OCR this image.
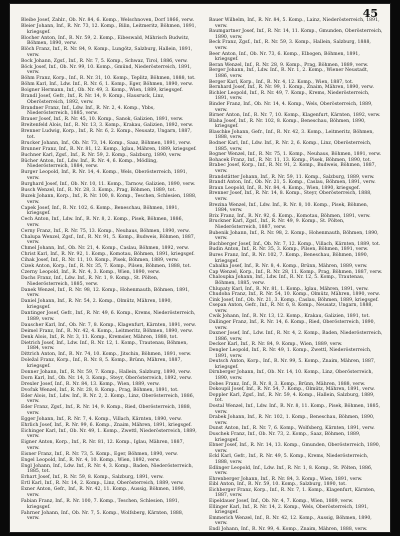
45
Bleibe Josef, Zahlr., Ob. Nr. 84, 6. Komp., Welschnoven, Dorf 1866, verw.
Bleier Johann, Inf., R. Nr. 73, 12. Komp., Bilin, Leitmeritz, Böhmen, 1891, kriegsgef.
Blocher Anton, Inf., R. Nr. 59, 2. Komp., Eibeswald, Mährisch Budwitz, Böhmen, 1890, verw.
Blöch Franz, Inf., R. Nr. 84, 9. Komp., Lungötz, Salzburg, Hallein, 1891, verw.
Bock Johann, Zgsf., Inf., R. Nr. 7, 5. Komp., Schwaz, Tirol, 1886, verw.
Böck Josef, Inf., Ob. Nr. 99, 10. Komp., Gmünd, Niederösterreich, 1891, verw.
Böhm Franz, Korp., Inf., R. Nr. 31, 10. Komp., Teplitz, Böhmen, 1888, tot.
Böhm Karl, Inf., Ldw. Inf., R. Nr. 6, 1. Komp., Eger, Böhmen, 1890, verw.
Boigner Hermann, Inf., Ob. Nr. 49, 3. Komp., Wien, 1889, kriegsgef.
Brandl Josef, Gefr., Inf., R. Nr. 14, 9. Komp., Hausruck, Linz, Oberösterreich, 1892, verw.
Brandner Franz, Inf., Ldw. Inf., R. Nr. 2, 4. Komp., Ybbs, Niederösterreich, 1885, verw.
Brauer Josef, Inf., R. Nr. 45, 10. Komp., Sanok, Galizien, 1891, verw.
Breitenfeld Alois, Inf., R. Nr. 13, 3. Komp., Krakau, Galizien, 1892, verw.
Brenner Ludwig, Korp., Inf., R. Nr. 6, 2. Komp., Neusatz, Ungarn, 1887, tot.
Brucker Johann, Inf., Ob. Nr. 73, 14. Komp., Saaz, Böhmen, 1891, verw.
Brunner Franz, Inf., R. Nr. 81, 12. Komp., Iglau, Mähren, 1889, kriegsgef.
Buchner Karl, Zgsf., Inf., R. Nr. 59, 2. Komp., Salzburg, 1890, verw.
Bücher Anton, Inf., Ldw. Inf., R. Nr. 4, 6. Komp., Mödling, Niederösterreich, 1884, verw.
Burger Leopold, Inf., R. Nr. 14, 4. Komp., Wels, Oberösterreich, 1891, verw.
Burghard Josef, Inf., Ob. Nr. 10, 11. Komp., Tarnow, Galizien, 1890, verw.
Busch Wenzel, Inf., R. Nr. 28, 3. Komp., Prag, Böhmen, 1889, tot.
Buzek Johann, Korp., Inf., R. Nr. 100, 8. Komp., Teschen, Schlesien, 1888, verw.
Capek Josef, Inf., R. Nr. 102, 6. Komp., Beneschau, Böhmen, 1891, kriegsgef.
Cech Anton, Inf., Ldw. Inf., R. Nr. 8, 2. Komp., Pisek, Böhmen, 1886, verw.
Cerny Franz, Inf., R. Nr. 75, 13. Komp., Neuhaus, Böhmen, 1890, verw.
Chalupa Wenzel, Zgsf., Inf., R. Nr. 91, 5. Komp., Budweis, Böhmen, 1887, verw.
Chmel Johann, Inf., Ob. Nr. 21, 4. Komp., Caslau, Böhmen, 1892, verw.
Christ Karl, Inf., R. Nr. 92, 1. Komp., Komotau, Böhmen, 1891, kriegsgef.
Cihak Josef, Inf., R. Nr. 11, 10. Komp., Pisek, Böhmen, 1889, verw.
Cizek Anton, Korp., Inf., R. Nr. 35, 7. Komp., Pilsen, Böhmen, 1888, tot.
Czerny Leopold, Inf., R. Nr. 4, 3. Komp., Wien, 1890, verw.
Dachs Franz, Inf., Ldw. Inf., R. Nr. 1, 9. Komp., St. Pölten, Niederösterreich, 1885, verw.
Danek Wenzel, Inf., R. Nr. 98, 12. Komp., Hohenmauth, Böhmen, 1891, verw.
Daniel Johann, Inf., R. Nr. 54, 2. Komp., Olmütz, Mähren, 1890, kriegsgef.
Dantinger Josef, Gefr., Inf., R. Nr. 49, 6. Komp., Krems, Niederösterreich, 1889, verw.
Dauscher Karl, Inf., Ob. Nr. 7, 8. Komp., Klagenfurt, Kärnten, 1891, verw.
Deimel Franz, Inf., R. Nr. 42, 4. Komp., Leitmeritz, Böhmen, 1890, verw.
Denk Alois, Inf., R. Nr. 3, 11. Komp., Kremsier, Mähren, 1888, tot.
Dietrich Josef, Inf., Ldw. Inf., R. Nr. 12, 1. Komp., Trautenau, Böhmen, 1884, verw.
Dittrich Anton, Inf., R. Nr. 74, 10. Komp., Jitschin, Böhmen, 1891, verw.
Doležal Franz, Korp., Inf., R. Nr. 8, 5. Komp., Brünn, Mähren, 1887, kriegsgef.
Donner Johann, Inf., R. Nr. 59, 7. Komp., Hallein, Salzburg, 1890, verw.
Dorn Karl, Inf., Ob. Nr. 14, 3. Komp., Steyr, Oberösterreich, 1892, verw.
Drexler Josef, Inf., R. Nr. 84, 13. Komp., Wien, 1889, verw.
Dvořak Wenzel, Inf., R. Nr. 28, 8. Komp., Prag, Böhmen, 1891, tot.
Eder Alois, Inf., Ldw. Inf., R. Nr. 2, 2. Komp., Linz, Oberösterreich, 1886, verw.
Eder Franz, Zgsf., Inf., R. Nr. 14, 9. Komp., Ried, Oberösterreich, 1888, verw.
Egger Johann, Inf., R. Nr. 7, 4. Komp., Villach, Kärnten, 1890, verw.
Ehrlich Josef, Inf., R. Nr. 99, 6. Komp., Znaim, Mähren, 1891, kriegsgef.
Eichinger Karl, Inf., Ob. Nr. 49, 1. Komp., Zwettl, Niederösterreich, 1889, verw.
Eigner Anton, Korp., Inf., R. Nr. 81, 12. Komp., Iglau, Mähren, 1887, verw.
Eisner Franz, Inf., R. Nr. 73, 5. Komp., Eger, Böhmen, 1890, verw.
Engel Leopold, Inf., R. Nr. 4, 10. Komp., Wien, 1892, verw.
Engl Johann, Inf., Ldw. Inf., R. Nr. 4, 3. Komp., Baden, Niederösterreich, 1885, tot.
Erhart Josef, Inf., R. Nr. 59, 8. Komp., Salzburg, 1891, verw.
Ertl Karl, Inf., R. Nr. 14, 2. Komp., Linz, Oberösterreich, 1889, verw.
Exner Anton, Gefr., Inf., R. Nr. 42, 11. Komp., Aussig, Böhmen, 1890, verw.
Fabian Franz, Inf., R. Nr. 100, 7. Komp., Teschen, Schlesien, 1891, kriegsgef.
Fahrner Johann, Inf., Ob. Nr. 7, 5. Komp., Wolfsberg, Kärnten, 1888, verw.
Bauer Wilhelm, Inf., R. Nr. 84, 5. Komp., Lainz, Niederösterreich, 1891, verw.
Baumgartner Josef, Inf., R. Nr. 14, 11. Komp., Gmunden, Oberösterreich, 1890, verw.
Beck Franz, Zgsf., Inf., R. Nr. 59, 3. Komp., Hallein, Salzburg, 1888, verw.
Beer Anton, Inf., Ob. Nr. 73, 6. Komp., Elbogen, Böhmen, 1891, kriegsgef.
Beran Wenzel, Inf., R. Nr. 28, 9. Komp., Prag, Böhmen, 1889, verw.
Berger Johann, Inf., Ldw. Inf., R. Nr. 1, 2. Komp., Wiener Neustadt, 1886, verw.
Berger Karl, Korp., Inf., R. Nr. 4, 12. Komp., Wien, 1887, tot.
Bernhard Josef, Inf., R. Nr. 99, 1. Komp., Znaim, Mähren, 1890, verw.
Bichler Leopold, Inf., R. Nr. 49, 7. Komp., Krems, Niederösterreich, 1891, verw.
Binder Franz, Inf., Ob. Nr. 14, 4. Komp., Wels, Oberösterreich, 1889, verw.
Birner Anton, Inf., R. Nr. 7, 10. Komp., Klagenfurt, Kärnten, 1892, verw.
Blaha Josef, Inf., R. Nr. 102, 8. Komp., Beneschau, Böhmen, 1890, kriegsgef.
Blaschke Johann, Gefr., Inf., R. Nr. 42, 3. Komp., Leitmeritz, Böhmen, 1888, verw.
Bodner Karl, Inf., Ldw. Inf., R. Nr. 2, 6. Komp., Linz, Oberösterreich, 1885, verw.
Bogner Wenzel, Inf., R. Nr. 75, 1. Komp., Neuhaus, Böhmen, 1891, verw.
Bohacek Franz, Inf., R. Nr. 11, 13. Komp., Pisek, Böhmen, 1890, tot.
Brabec Josef, Korp., Inf., R. Nr. 91, 2. Komp., Budweis, Böhmen, 1887, verw.
Brandstätter Johann, Inf., R. Nr. 59, 11. Komp., Salzburg, 1889, verw.
Brandt Anton, Inf., Ob. Nr. 21, 5. Komp., Caslau, Böhmen, 1891, verw.
Braun Leopold, Inf., R. Nr. 84, 4. Komp., Wien, 1890, kriegsgef.
Brenner Josef, Inf., R. Nr. 14, 8. Komp., Steyr, Oberösterreich, 1888, verw.
Brezina Wenzel, Inf., Ldw. Inf., R. Nr. 8, 10. Komp., Pisek, Böhmen, 1884, verw.
Brix Franz, Inf., R. Nr. 92, 6. Komp., Komotau, Böhmen, 1891, verw.
Bruckner Karl, Zgsf., Inf., R. Nr. 49, 9. Komp., St. Pölten, Niederösterreich, 1887, verw.
Bubenik Johann, Inf., R. Nr. 98, 2. Komp., Hohenmauth, Böhmen, 1890, verw.
Buchberger Josef, Inf., Ob. Nr. 7, 12. Komp., Villach, Kärnten, 1889, tot.
Budin Anton, Inf., R. Nr. 35, 3. Komp., Pilsen, Böhmen, 1891, verw.
Bures Franz, Inf., R. Nr. 102, 7. Komp., Beneschau, Böhmen, 1890, kriegsgef.
Cabalka Josef, Inf., R. Nr. 8, 4. Komp., Brünn, Mähren, 1889, verw.
Cap Wenzel, Korp., Inf., R. Nr. 28, 11. Komp., Prag, Böhmen, 1887, verw.
Chaloupka Johann, Inf., Ldw. Inf., R. Nr. 12, 5. Komp., Trautenau, Böhmen, 1885, verw.
Chlupaty Karl, Inf., R. Nr. 81, 1. Komp., Iglau, Mähren, 1891, verw.
Chudoba Franz, Inf., R. Nr. 54, 10. Komp., Olmütz, Mähren, 1890, verw.
Cink Josef, Inf., Ob. Nr. 21, 3. Komp., Caslau, Böhmen, 1889, kriegsgef.
Csepan Anton, Gefr., Inf., R. Nr. 6, 8. Komp., Neusatz, Ungarn, 1888, verw.
Cwik Johann, Inf., R. Nr. 13, 12. Komp., Krakau, Galizien, 1891, tot.
Dallinger Franz, Inf., R. Nr. 14, 6. Komp., Ried, Oberösterreich, 1890, verw.
Daxner Josef, Inf., Ldw. Inf., R. Nr. 4, 2. Komp., Baden, Niederösterreich, 1886, verw.
Decker Karl, Inf., R. Nr. 84, 9. Komp., Wien, 1889, verw.
Dengler Leopold, Inf., R. Nr. 49, 1. Komp., Zwettl, Niederösterreich, 1891, verw.
Deutsch Anton, Korp., Inf., R. Nr. 99, 5. Komp., Znaim, Mähren, 1887, kriegsgef.
Dirnberger Johann, Inf., Ob. Nr. 14, 10. Komp., Linz, Oberösterreich, 1890, verw.
Dobes Franz, Inf., R. Nr. 8, 3. Komp., Brünn, Mähren, 1888, verw.
Dokoupil Josef, Inf., R. Nr. 54, 7. Komp., Olmütz, Mähren, 1891, verw.
Doppler Karl, Zgsf., Inf., R. Nr. 59, 4. Komp., Hallein, Salzburg, 1889, tot.
Dostal Wenzel, Inf., Ldw. Inf., R. Nr. 8, 11. Komp., Pisek, Böhmen, 1885, verw.
Drabek Johann, Inf., R. Nr. 102, 1. Komp., Beneschau, Böhmen, 1890, verw.
Dunst Anton, Inf., R. Nr. 7, 6. Komp., Wolfsberg, Kärnten, 1891, verw.
Duschek Franz, Inf., Ob. Nr. 73, 2. Komp., Saaz, Böhmen, 1889, kriegsgef.
Ebner Josef, Inf., R. Nr. 14, 13. Komp., Gmunden, Oberösterreich, 1890, verw.
Eckl Karl, Gefr., Inf., R. Nr. 49, 5. Komp., Krems, Niederösterreich, 1888, verw.
Edlinger Leopold, Inf., Ldw. Inf., R. Nr. 1, 8. Komp., St. Pölten, 1886, verw.
Ehrenberger Johann, Inf., R. Nr. 84, 3. Komp., Wien, 1891, verw.
Eibl Anton, Inf., R. Nr. 59, 10. Komp., Salzburg, 1890, tot.
Eichberger Franz, Korp., Inf., R. Nr. 7, 1. Komp., Klagenfurt, Kärnten, 1887, verw.
Eipeldauer Josef, Inf., Ob. Nr. 4, 7. Komp., Wien, 1889, verw.
Ellinger Karl, Inf., R. Nr. 14, 2. Komp., Wels, Oberösterreich, 1891, kriegsgef.
Emmerich Wenzel, Inf., R. Nr. 42, 12. Komp., Aussig, Böhmen, 1890, verw.
Endl Johann, Inf., R. Nr. 99, 4. Komp., Znaim, Mähren, 1888, verw.
